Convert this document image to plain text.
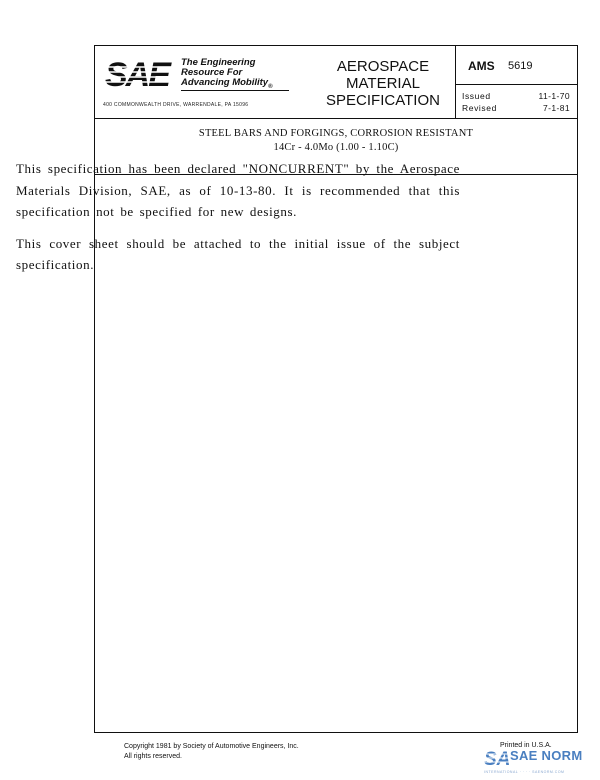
SAE	The Engineering
Resource For
Advancing Mobility$_®$
400 COMMONWEALTH DRIVE, WARRENDALE, PA 15096
AEROSPACE
MATERIAL
SPECIFICATION
AMS 5619
Issued	11-1-70
Revised	7-1-81
STEEL BARS AND FORGINGS, CORROSION RESISTANT
14Cr - 4.0Mo (1.00 - 1.10C)

This specification has been declared "NONCURRENT" by the Aerospace Materials Division, SAE, as of 10-13-80. It is recommended that this specification not be specified for new designs.

This cover sheet should be attached to the initial issue of the subject specification.

Copyright 1981 by Society of Automotive Engineers, Inc.
All rights reserved.
Printed in U.S.A.
SA SAE NORM
INTERNATIONAL · · · · SAENORM.COM
